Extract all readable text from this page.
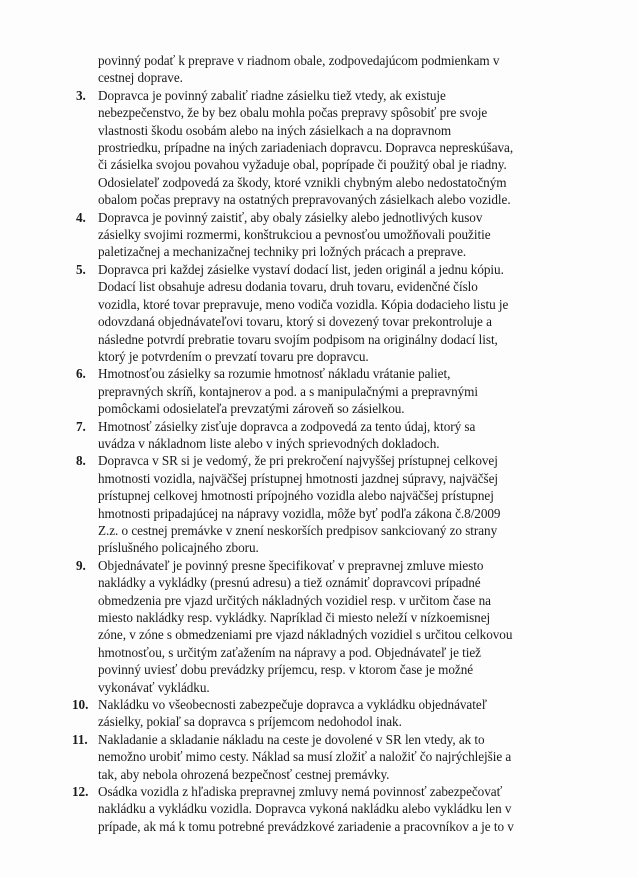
povinný podať k preprave v riadnom obale, zodpovedajúcom podmienkam v
cestnej doprave.
3. Dopravca je povinný zabaliť riadne zásielku tiež vtedy, ak existuje
nebezpečenstvo, že by bez obalu mohla počas prepravy spôsobiť pre svoje
vlastnosti škodu osobám alebo na iných zásielkach a na dopravnom
prostriedku, prípadne na iných zariadeniach dopravcu. Dopravca nepreskúšava,
či zásielka svojou povahou vyžaduje obal, poprípade či použitý obal je riadny.
Odosielateľ zodpovedá za škody, ktoré vznikli chybným alebo nedostatočným
obalom počas prepravy na ostatných prepravovaných zásielkach alebo vozidle.
4. Dopravca je povinný zaistiť, aby obaly zásielky alebo jednotlivých kusov
zásielky svojimi rozmermi, konštrukciou a pevnosťou umožňovali použitie
paletizačnej a mechanizačnej techniky pri ložných prácach a preprave.
5. Dopravca pri každej zásielke vystaví dodací list, jeden originál a jednu kópiu.
Dodací list obsahuje adresu dodania tovaru, druh tovaru, evidenčné číslo
vozidla, ktoré tovar prepravuje, meno vodiča vozidla. Kópia dodacieho listu je
odovzdaná objednávateľovi tovaru, ktorý si dovezený tovar prekontroluje a
následne potvrdí prebratie tovaru svojím podpisom na originálny dodací list,
ktorý je potvrdením o prevzatí tovaru pre dopravcu.
6. Hmotnosťou zásielky sa rozumie hmotnosť nákladu vrátanie paliet,
prepravných skríň, kontajnerov a pod. a s manipulačnými a prepravnými
pomôckami odosielateľa prevzatými zároveň so zásielkou.
7. Hmotnosť zásielky zisťuje dopravca a zodpovedá za tento údaj, ktorý sa
uvádza v nákladnom liste alebo v iných sprievodných dokladoch.
8. Dopravca v SR si je vedomý, že pri prekročení najvyššej prístupnej celkovej
hmotnosti vozidla, najväčšej prístupnej hmotnosti jazdnej súpravy, najväčšej
prístupnej celkovej hmotnosti prípojného vozidla alebo najväčšej prístupnej
hmotnosti pripadajúcej na nápravy vozidla, môže byť podľa zákona č.8/2009
Z.z. o cestnej premávke v znení neskorších predpisov sankciovaný zo strany
príslušného policajného zboru.
9. Objednávateľ je povinný presne špecifikovať v prepravnej zmluve miesto
nakládky a vykládky (presnú adresu) a tiež oznámiť dopravcovi prípadné
obmedzenia pre vjazd určitých nákladných vozidiel resp. v určitom čase na
miesto nakládky resp. vykládky. Napríklad či miesto neleží v nízkoemisnej
zóne, v zóne s obmedzeniami pre vjazd nákladných vozidiel s určitou celkovou
hmotnosťou, s určitým zaťažením na nápravy a pod. Objednávateľ je tiež
povinný uviesť dobu prevádzky príjemcu, resp. v ktorom čase je možné
vykonávať vykládku.
10. Nakládku vo všeobecnosti zabezpečuje dopravca a vykládku objednávateľ
zásielky, pokiaľ sa dopravca s príjemcom nedohodol inak.
11. Nakladanie a skladanie nákladu na ceste je dovolené v SR len vtedy, ak to
nemožno urobiť mimo cesty. Náklad sa musí zložiť a naložiť čo najrýchlejšie a
tak, aby nebola ohrozená bezpečnosť cestnej premávky.
12. Osádka vozidla z hľadiska prepravnej zmluvy nemá povinnosť zabezpečovať
nakládku a vykládku vozidla. Dopravca vykoná nakládku alebo vykládku len v
prípade, ak má k tomu potrebné prevádzkové zariadenie a pracovníkov a je to v
